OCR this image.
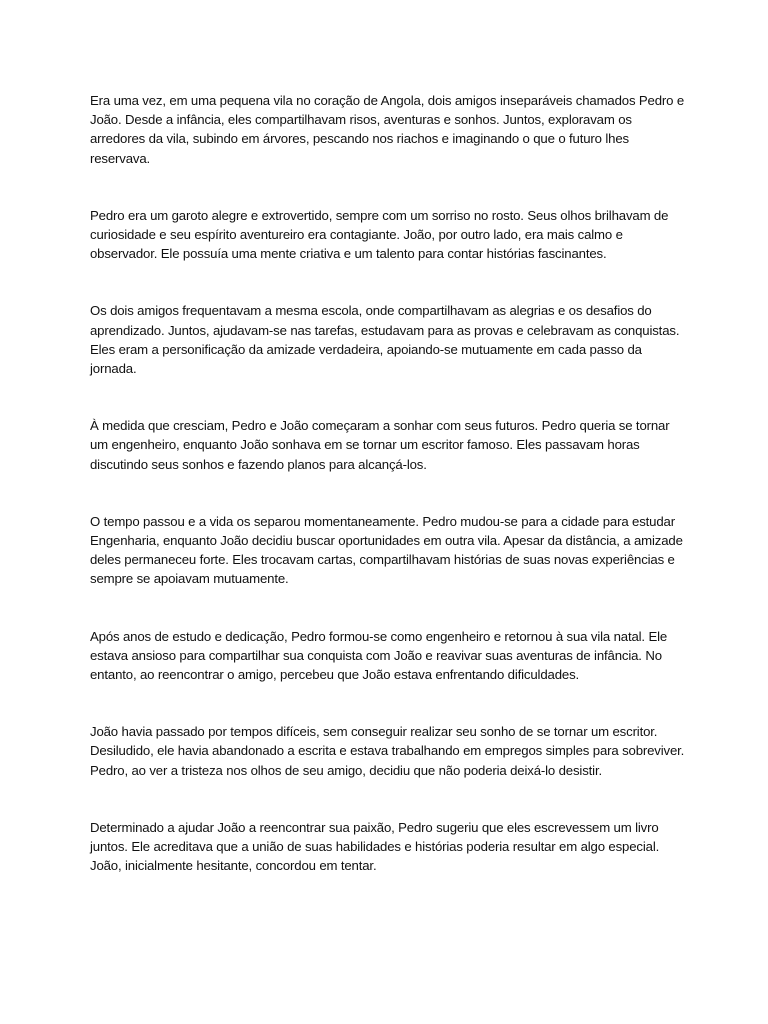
Era uma vez, em uma pequena vila no coração de Angola, dois amigos inseparáveis chamados Pedro e João. Desde a infância, eles compartilhavam risos, aventuras e sonhos. Juntos, exploravam os arredores da vila, subindo em árvores, pescando nos riachos e imaginando o que o futuro lhes reservava.

Pedro era um garoto alegre e extrovertido, sempre com um sorriso no rosto. Seus olhos brilhavam de curiosidade e seu espírito aventureiro era contagiante. João, por outro lado, era mais calmo e observador. Ele possuía uma mente criativa e um talento para contar histórias fascinantes.

Os dois amigos frequentavam a mesma escola, onde compartilhavam as alegrias e os desafios do aprendizado. Juntos, ajudavam-se nas tarefas, estudavam para as provas e celebravam as conquistas. Eles eram a personificação da amizade verdadeira, apoiando-se mutuamente em cada passo da jornada.

À medida que cresciam, Pedro e João começaram a sonhar com seus futuros. Pedro queria se tornar um engenheiro, enquanto João sonhava em se tornar um escritor famoso. Eles passavam horas discutindo seus sonhos e fazendo planos para alcançá-los.

O tempo passou e a vida os separou momentaneamente. Pedro mudou-se para a cidade para estudar Engenharia, enquanto João decidiu buscar oportunidades em outra vila. Apesar da distância, a amizade deles permaneceu forte. Eles trocavam cartas, compartilhavam histórias de suas novas experiências e sempre se apoiavam mutuamente.

Após anos de estudo e dedicação, Pedro formou-se como engenheiro e retornou à sua vila natal. Ele estava ansioso para compartilhar sua conquista com João e reavivar suas aventuras de infância. No entanto, ao reencontrar o amigo, percebeu que João estava enfrentando dificuldades.

João havia passado por tempos difíceis, sem conseguir realizar seu sonho de se tornar um escritor. Desiludido, ele havia abandonado a escrita e estava trabalhando em empregos simples para sobreviver. Pedro, ao ver a tristeza nos olhos de seu amigo, decidiu que não poderia deixá-lo desistir.

Determinado a ajudar João a reencontrar sua paixão, Pedro sugeriu que eles escrevessem um livro juntos. Ele acreditava que a união de suas habilidades e histórias poderia resultar em algo especial. João, inicialmente hesitante, concordou em tentar.
